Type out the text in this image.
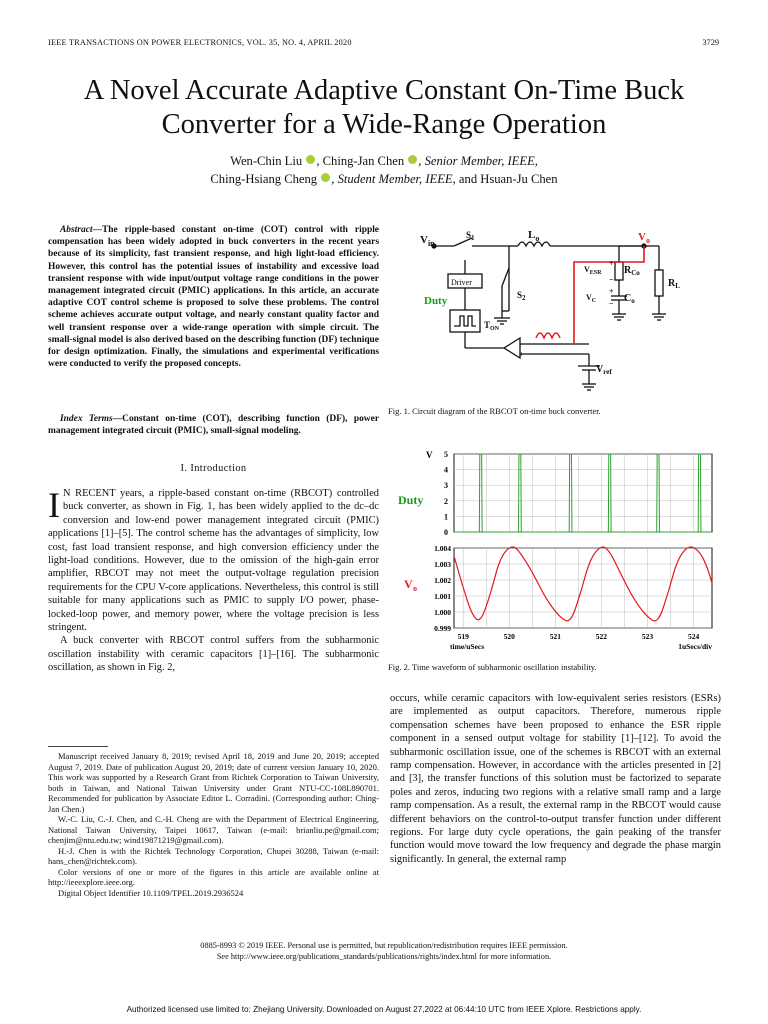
IEEE TRANSACTIONS ON POWER ELECTRONICS, VOL. 35, NO. 4, APRIL 2020	3729
A Novel Accurate Adaptive Constant On-Time Buck
Converter for a Wide-Range Operation
Wen-Chin Liu , Ching-Jan Chen , Senior Member, IEEE,
Ching-Hsiang Cheng , Student Member, IEEE, and Hsuan-Ju Chen

Abstract—The ripple-based constant on-time (COT) control with ripple compensation has been widely adopted in buck converters in the recent years because of its simplicity, fast transient response, and high light-load efficiency. However, this control has the potential issues of instability and excessive load transient response with wide input/output voltage range conditions in the power management integrated circuit (PMIC) applications. In this article, an accurate adaptive COT control scheme is proposed to solve these problems. The control scheme achieves accurate output voltage, and nearly constant quality factor and well transient response over a wide-range operation with simple circuit. The small-signal model is also derived based on the describing function (DF) technique for design optimization. Finally, the simulations and experimental verifications were conducted to verify the proposed concepts.

Index Terms—Constant on-time (COT), describing function (DF), power management integrated circuit (PMIC), small-signal modeling.

I. Introduction

I N RECENT years, a ripple-based constant on-time (RBCOT) controlled buck converter, as shown in Fig. 1, has been widely applied to the dc–dc conversion and low-end power management integrated circuit (PMIC) applications [1]–[5]. The control scheme has the advantages of simplicity, low cost, fast load transient response, and high conversion efficiency under the light-load conditions. However, due to the omission of the high-gain error amplifier, RBCOT may not meet the output-voltage regulation precision requirements for the CPU V-core applications. Nevertheless, this control is still suitable for many applications such as PMIC to supply I/O power, phase-locked-loop power, and memory power, where the voltage precision is less stringent.

A buck converter with RBCOT control suffers from the subharmonic oscillation instability with ceramic capacitors [1]–[16]. The subharmonic oscillation, as shown in Fig. 2,

Manuscript received January 8, 2019; revised April 18, 2019 and June 20, 2019; accepted August 7, 2019. Date of publication August 20, 2019; date of current version January 10, 2020. This work was supported by a Research Grant from Richtek Corporation to Taiwan University, both in Taiwan, and National Taiwan University under Grant NTU-CC-108L890701. Recommended for publication by Associate Editor L. Corradini. (Corresponding author: Ching-Jan Chen.)

W.-C. Liu, C.-J. Chen, and C.-H. Cheng are with the Department of Electrical Engineering, National Taiwan University, Taipei 10617, Taiwan (e-mail: brianliu.pe@gmail.com; chenjim@ntu.edu.tw; wind19871219@gmail.com).

H.-J. Chen is with the Richtek Technology Corporation, Chupei 30288, Taiwan (e-mail: hans_chen@richtek.com).

Color versions of one or more of the figures in this article are available online at http://ieeexplore.ieee.org.

Digital Object Identifier 10.1109/TPEL.2019.2936524

occurs, while ceramic capacitors with low-equivalent series resistors (ESRs) are implemented as output capacitors. Therefore, numerous ripple compensation schemes have been proposed to enhance the ESR ripple component in a sensed output voltage for stability [1]–[12]. To avoid the subharmonic oscillation issue, one of the schemes is RBCOT with an external ramp compensation. However, in accordance with the articles presented in [2] and [3], the transfer functions of this solution must be factorized to separate poles and zeros, inducing two regions with a relative small ramp and a large ramp compensation. As a result, the external ramp in the RBCOT would cause different behaviors on the control-to-output transfer function under different regions. For large duty cycle operations, the gain peaking of the transfer function would move toward the low frequency and degrade the phase margin significantly. In general, the external ramp
$V_{in}$
$S_1$	$L_o$	$V_o$
Driver
$S_2$
Duty
$T_{ON}$
$V_{ESR}$
$V_C$
$R_{Co}$
$C_o$
$R_L$
$V_{ref}$
+
−
+
−
−
+
Fig. 1. Circuit diagram of the RBCOT on-time buck converter.
5
4
3
2
1
0
V
Duty
1.004
1.003
1.002
1.001
1.000
0.999
V o
519	520	521	522	523	524
time/uSecs	1uSecs/div
Fig. 2. Time waveform of subharmonic oscillation instability.
0885-8993 © 2019 IEEE. Personal use is permitted, but republication/redistribution requires IEEE permission.
See http://www.ieee.org/publications_standards/publications/rights/index.html for more information.
Authorized licensed use limited to: Zhejiang University. Downloaded on August 27,2022 at 06:44:10 UTC from IEEE Xplore. Restrictions apply.
